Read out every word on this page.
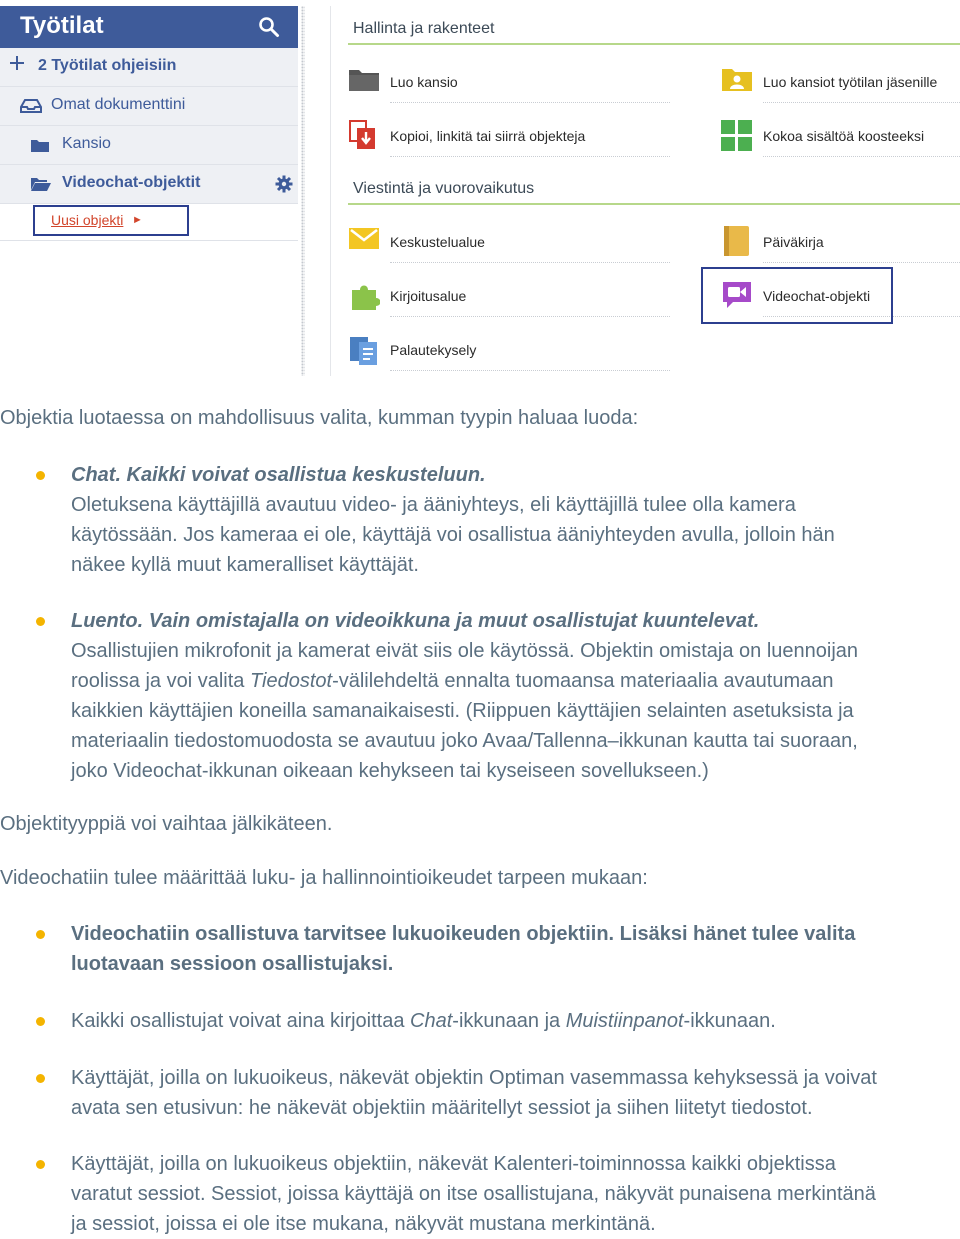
Työtilat
2 Työtilat ohjeisiin
Omat dokumenttini
Kansio
Videochat-objektit
Uusi objekti ►
Hallinta ja rakenteet
Luo kansio	Luo kansiot työtilan jäsenille
Kopioi, linkitä tai siirrä objekteja	Kokoa sisältöä koosteeksi
Viestintä ja vuorovaikutus
Keskustelualue	Päiväkirja
Kirjoitusalue	Videochat-objekti
Palautekysely
Objektia luotaessa on mahdollisuus valita, kumman tyypin haluaa luoda:
Chat. Kaikki voivat osallistua keskusteluun.
Oletuksena käyttäjillä avautuu video- ja ääniyhteys, eli käyttäjillä tulee olla kamera
käytössään. Jos kameraa ei ole, käyttäjä voi osallistua ääniyhteyden avulla, jolloin hän
näkee kyllä muut kameralliset käyttäjät.
Luento. Vain omistajalla on videoikkuna ja muut osallistujat kuuntelevat.
Osallistujien mikrofonit ja kamerat eivät siis ole käytössä. Objektin omistaja on luennoijan
roolissa ja voi valita Tiedostot-välilehdeltä ennalta tuomaansa materiaalia avautumaan
kaikkien käyttäjien koneilla samanaikaisesti. (Riippuen käyttäjien selainten asetuksista ja
materiaalin tiedostomuodosta se avautuu joko Avaa/Tallenna–ikkunan kautta tai suoraan,
joko Videochat-ikkunan oikeaan kehykseen tai kyseiseen sovellukseen.)
Objektityyppiä voi vaihtaa jälkikäteen.
Videochatiin tulee määrittää luku- ja hallinnointioikeudet tarpeen mukaan:
Videochatiin osallistuva tarvitsee lukuoikeuden objektiin. Lisäksi hänet tulee valita
luotavaan sessioon osallistujaksi.
Kaikki osallistujat voivat aina kirjoittaa Chat-ikkunaan ja Muistiinpanot-ikkunaan.
Käyttäjät, joilla on lukuoikeus, näkevät objektin Optiman vasemmassa kehyksessä ja voivat
avata sen etusivun: he näkevät objektiin määritellyt sessiot ja siihen liitetyt tiedostot.
Käyttäjät, joilla on lukuoikeus objektiin, näkevät Kalenteri-toiminnossa kaikki objektissa
varatut sessiot. Sessiot, joissa käyttäjä on itse osallistujana, näkyvät punaisena merkintänä
ja sessiot, joissa ei ole itse mukana, näkyvät mustana merkintänä.
